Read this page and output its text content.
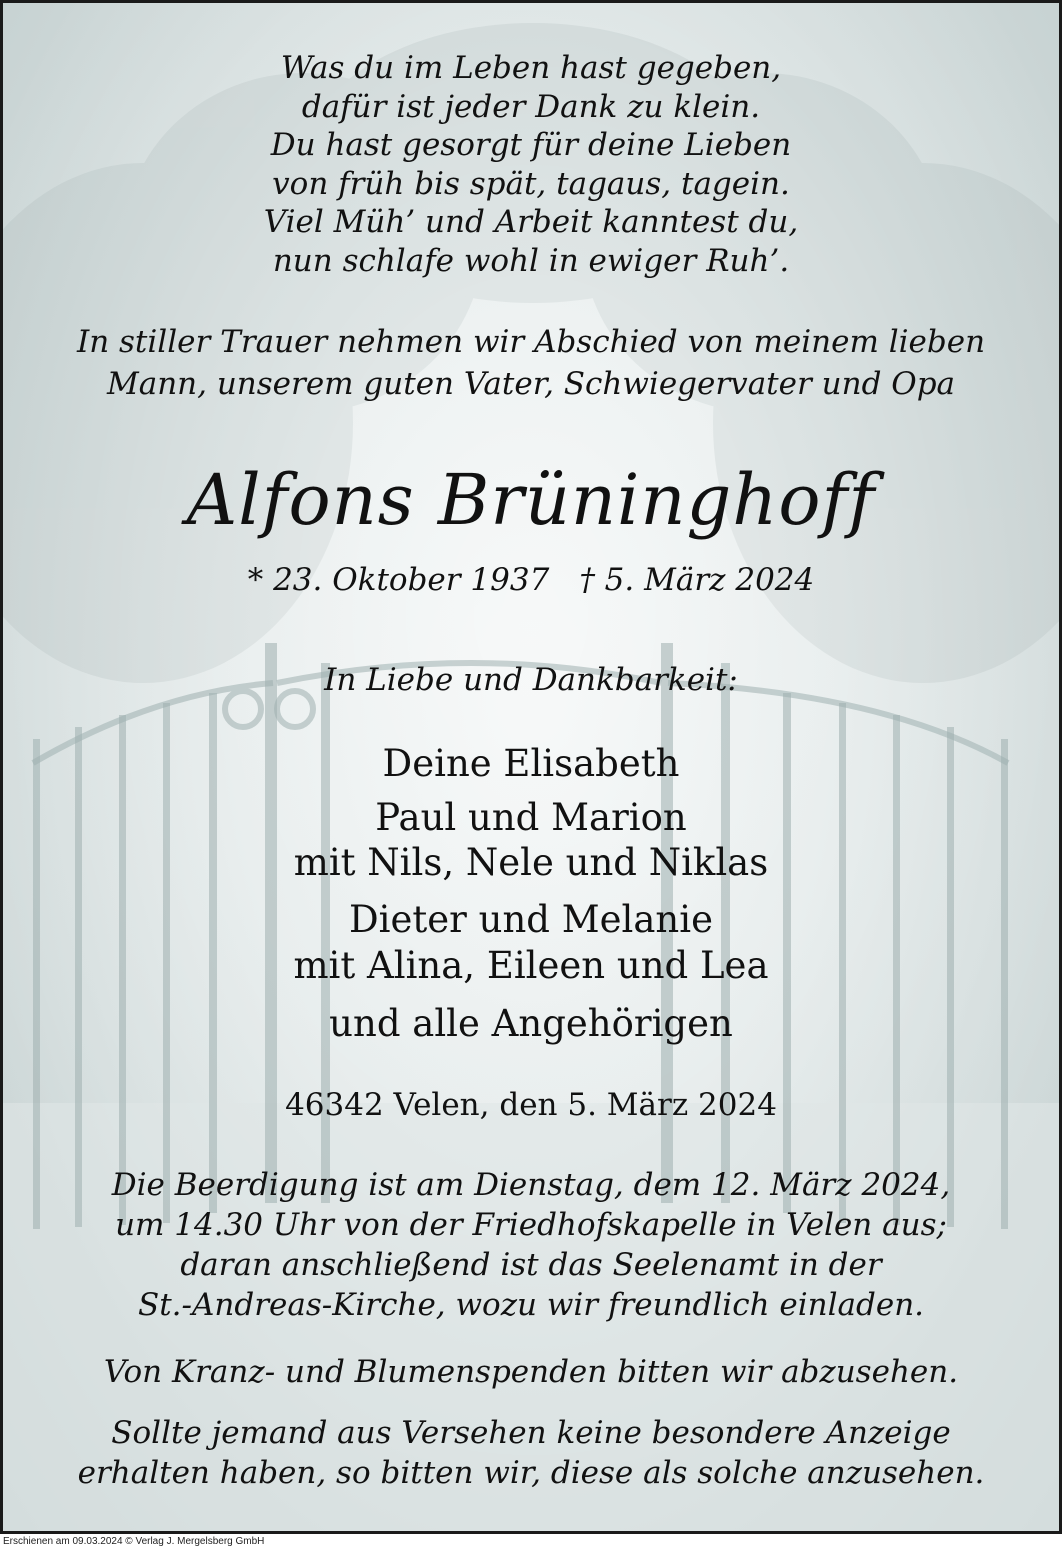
Was du im Leben hast gegeben,
dafür ist jeder Dank zu klein.
Du hast gesorgt für deine Lieben
von früh bis spät, tagaus, tagein.
Viel Müh’ und Arbeit kanntest du,
nun schlafe wohl in ewiger Ruh’.
In stiller Trauer nehmen wir Abschied von meinem lieben
Mann, unserem guten Vater, Schwiegervater und Opa
Alfons Brüninghoff
* 23. Oktober 1937 † 5. März 2024
In Liebe und Dankbarkeit:
Deine Elisabeth
Paul und Marion
mit Nils, Nele und Niklas
Dieter und Melanie
mit Alina, Eileen und Lea
und alle Angehörigen
46342 Velen, den 5. März 2024
Die Beerdigung ist am Dienstag, dem 12. März 2024,
um 14.30 Uhr von der Friedhofskapelle in Velen aus;
daran anschließend ist das Seelenamt in der
St.-Andreas-Kirche, wozu wir freundlich einladen.
Von Kranz- und Blumenspenden bitten wir abzusehen.
Sollte jemand aus Versehen keine besondere Anzeige
erhalten haben, so bitten wir, diese als solche anzusehen.
Erschienen am 09.03.2024 © Verlag J. Mergelsberg GmbH
